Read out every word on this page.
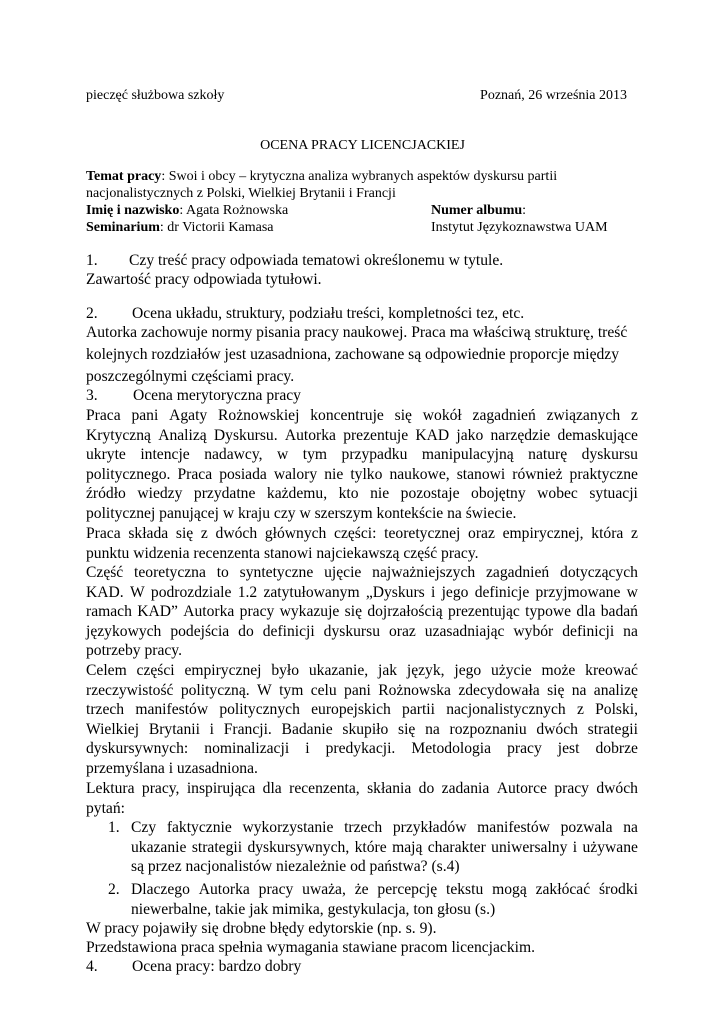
pieczęć służbowa szkoły	Poznań, 26 września 2013
OCENA PRACY LICENCJACKIEJ
Temat pracy: Swoi i obcy – krytyczna analiza wybranych aspektów dyskursu partii
nacjonalistycznych z Polski, Wielkiej Brytanii i Francji
Imię i nazwisko: Agata Rożnowska	Numer albumu:
Seminarium: dr Victorii Kamasa	Instytut Językoznawstwa UAM
1. Czy treść pracy odpowiada tematowi określonemu w tytule.
Zawartość pracy odpowiada tytułowi.
2. Ocena układu, struktury, podziału treści, kompletności tez, etc.
Autorka zachowuje normy pisania pracy naukowej. Praca ma właściwą strukturę, treść
kolejnych rozdziałów jest uzasadniona, zachowane są odpowiednie proporcje między
poszczególnymi częściami pracy.
3. Ocena merytoryczna pracy
Praca pani Agaty Rożnowskiej koncentruje się wokół zagadnień związanych z
Krytyczną Analizą Dyskursu. Autorka prezentuje KAD jako narzędzie demaskujące
ukryte intencje nadawcy, w tym przypadku manipulacyjną naturę dyskursu
politycznego. Praca posiada walory nie tylko naukowe, stanowi również praktyczne
źródło wiedzy przydatne każdemu, kto nie pozostaje obojętny wobec sytuacji
politycznej panującej w kraju czy w szerszym kontekście na świecie.
Praca składa się z dwóch głównych części: teoretycznej oraz empirycznej, która z
punktu widzenia recenzenta stanowi najciekawszą część pracy.
Część teoretyczna to syntetyczne ujęcie najważniejszych zagadnień dotyczących
KAD. W podrozdziale 1.2 zatytułowanym „Dyskurs i jego definicje przyjmowane w
ramach KAD” Autorka pracy wykazuje się dojrzałością prezentując typowe dla badań
językowych podejścia do definicji dyskursu oraz uzasadniając wybór definicji na
potrzeby pracy.
Celem części empirycznej było ukazanie, jak język, jego użycie może kreować
rzeczywistość polityczną. W tym celu pani Rożnowska zdecydowała się na analizę
trzech manifestów politycznych europejskich partii nacjonalistycznych z Polski,
Wielkiej Brytanii i Francji. Badanie skupiło się na rozpoznaniu dwóch strategii
dyskursywnych: nominalizacji i predykacji. Metodologia pracy jest dobrze
przemyślana i uzasadniona.
Lektura pracy, inspirująca dla recenzenta, skłania do zadania Autorce pracy dwóch
pytań:
1. Czy faktycznie wykorzystanie trzech przykładów manifestów pozwala na
ukazanie strategii dyskursywnych, które mają charakter uniwersalny i używane
są przez nacjonalistów niezależnie od państwa? (s.4)
2. Dlaczego Autorka pracy uważa, że percepcję tekstu mogą zakłócać środki
niewerbalne, takie jak mimika, gestykulacja, ton głosu (s.)
W pracy pojawiły się drobne błędy edytorskie (np. s. 9).
Przedstawiona praca spełnia wymagania stawiane pracom licencjackim.
4. Ocena pracy: bardzo dobry
